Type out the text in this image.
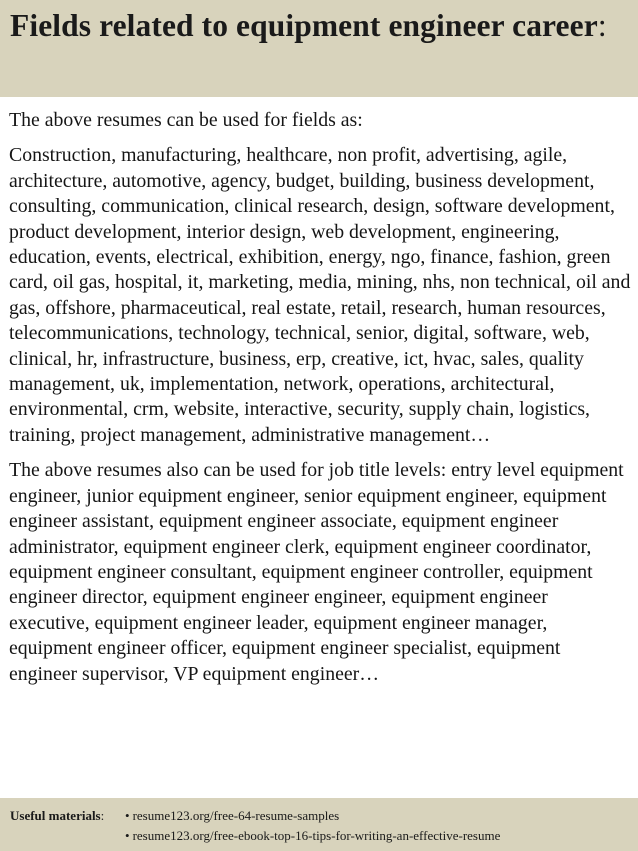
Fields related to equipment engineer career:

The above resumes can be used for fields as:

Construction, manufacturing, healthcare, non profit, advertising, agile, architecture, automotive, agency, budget, building, business development, consulting, communication, clinical research, design, software development, product development, interior design, web development, engineering, education, events, electrical, exhibition, energy, ngo, finance, fashion, green card, oil gas, hospital, it, marketing, media, mining, nhs, non technical, oil and gas, offshore, pharmaceutical, real estate, retail, research, human resources, telecommunications, technology, technical, senior, digital, software, web, clinical, hr, infrastructure, business, erp, creative, ict, hvac, sales, quality management, uk, implementation, network, operations, architectural, environmental, crm, website, interactive, security, supply chain, logistics, training, project management, administrative management…

The above resumes also can be used for job title levels: entry level equipment engineer, junior equipment engineer, senior equipment engineer, equipment engineer assistant, equipment engineer associate, equipment engineer administrator, equipment engineer clerk, equipment engineer coordinator, equipment engineer consultant, equipment engineer controller, equipment engineer director, equipment engineer engineer, equipment engineer executive, equipment engineer leader, equipment engineer manager, equipment engineer officer, equipment engineer specialist, equipment engineer supervisor, VP equipment engineer…

Useful materials: • resume123.org/free-64-resume-samples
• resume123.org/free-ebook-top-16-tips-for-writing-an-effective-resume
